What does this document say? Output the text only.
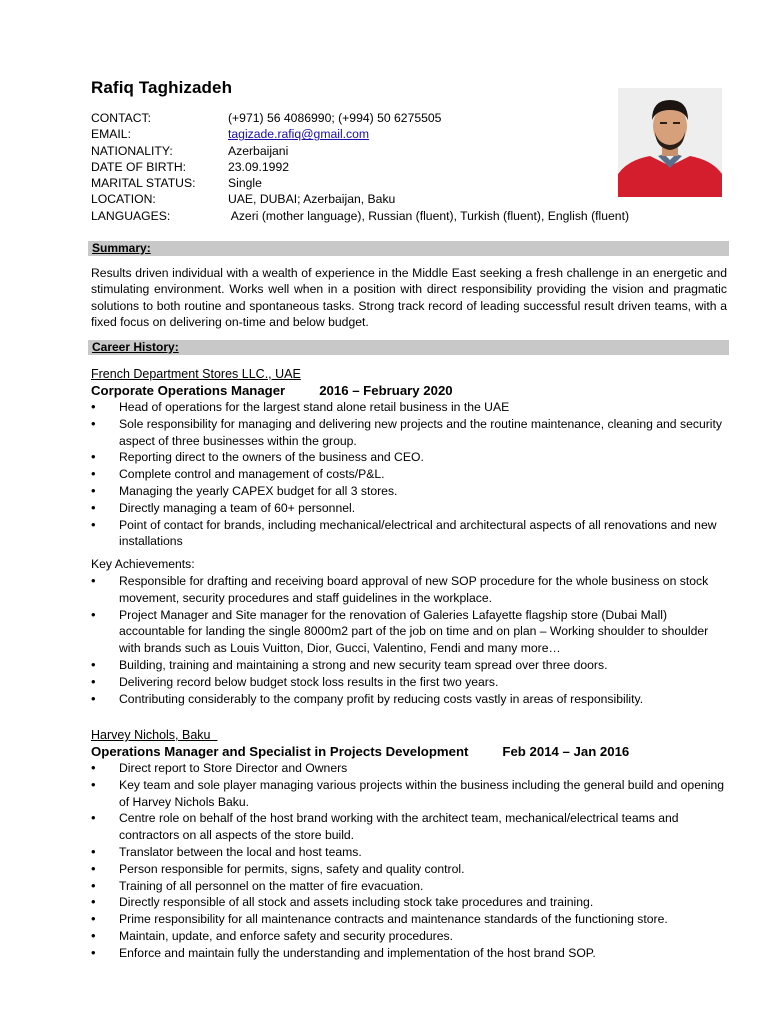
Rafiq Taghizadeh
CONTACT:	(+971) 56 4086990; (+994) 50 6275505
EMAIL:	tagizade.rafiq@gmail.com
NATIONALITY:	Azerbaijani
DATE OF BIRTH:	23.09.1992
MARITAL STATUS:	Single
LOCATION:	UAE, DUBAI; Azerbaijan, Baku
LANGUAGES:	Azeri (mother language), Russian (fluent), Turkish (fluent), English (fluent)
Summary:
Results driven individual with a wealth of experience in the Middle East seeking a fresh challenge in an energetic and stimulating environment. Works well when in a position with direct responsibility providing the vision and pragmatic solutions to both routine and spontaneous tasks. Strong track record of leading successful result driven teams, with a fixed focus on delivering on-time and below budget.
Career History:
French Department Stores LLC., UAE
Corporate Operations Manager	2016 – February 2020
• Head of operations for the largest stand alone retail business in the UAE
• Sole responsibility for managing and delivering new projects and the routine maintenance, cleaning and security aspect of three businesses within the group.
• Reporting direct to the owners of the business and CEO.
• Complete control and management of costs/P&L.
• Managing the yearly CAPEX budget for all 3 stores.
• Directly managing a team of 60+ personnel.
• Point of contact for brands, including mechanical/electrical and architectural aspects of all renovations and new installations
Key Achievements:
• Responsible for drafting and receiving board approval of new SOP procedure for the whole business on stock movement, security procedures and staff guidelines in the workplace.
• Project Manager and Site manager for the renovation of Galeries Lafayette flagship store (Dubai Mall) accountable for landing the single 8000m2 part of the job on time and on plan – Working shoulder to shoulder with brands such as Louis Vuitton, Dior, Gucci, Valentino, Fendi and many more…
• Building, training and maintaining a strong and new security team spread over three doors.
• Delivering record below budget stock loss results in the first two years.
• Contributing considerably to the company profit by reducing costs vastly in areas of responsibility.
Harvey Nichols, Baku
Operations Manager and Specialist in Projects Development	Feb 2014 – Jan 2016
• Direct report to Store Director and Owners
• Key team and sole player managing various projects within the business including the general build and opening of Harvey Nichols Baku.
• Centre role on behalf of the host brand working with the architect team, mechanical/electrical teams and contractors on all aspects of the store build.
• Translator between the local and host teams.
• Person responsible for permits, signs, safety and quality control.
• Training of all personnel on the matter of fire evacuation.
• Directly responsible of all stock and assets including stock take procedures and training.
• Prime responsibility for all maintenance contracts and maintenance standards of the functioning store.
• Maintain, update, and enforce safety and security procedures.
• Enforce and maintain fully the understanding and implementation of the host brand SOP.
